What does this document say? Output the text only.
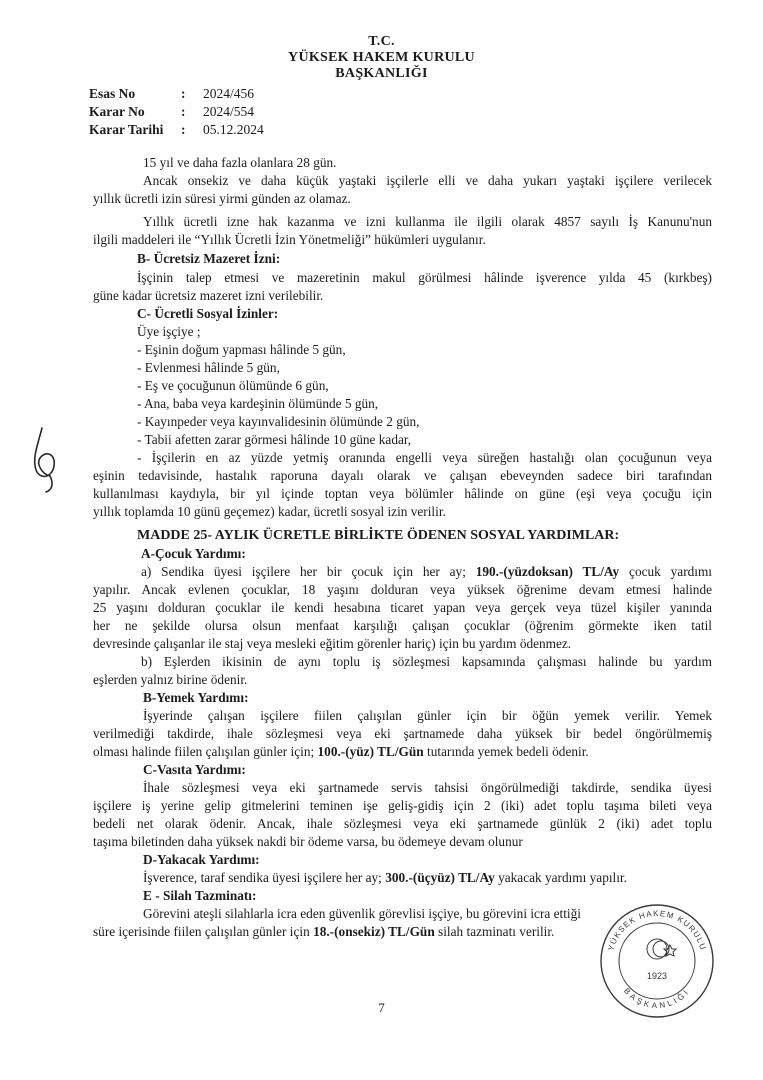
T.C.
YÜKSEK HAKEM KURULU
BAŞKANLIĞI
Esas No	: 2024/456
Karar No	: 2024/554
Karar Tarihi : 05.12.2024
15 yıl ve daha fazla olanlara 28 gün.
Ancak onsekiz ve daha küçük yaştaki işçilerle elli ve daha yukarı yaştaki işçilere verilecek
yıllık ücretli izin süresi yirmi günden az olamaz.
Yıllık ücretli izne hak kazanma ve izni kullanma ile ilgili olarak 4857 sayılı İş Kanunu'nun
ilgili maddeleri ile “Yıllık Ücretli İzin Yönetmeliği” hükümleri uygulanır.
B- Ücretsiz Mazeret İzni:
İşçinin talep etmesi ve mazeretinin makul görülmesi hâlinde işverence yılda 45 (kırkbeş)
güne kadar ücretsiz mazeret izni verilebilir.
C- Ücretli Sosyal İzinler:
Üye işçiye ;
- Eşinin doğum yapması hâlinde 5 gün,
- Evlenmesi hâlinde 5 gün,
- Eş ve çocuğunun ölümünde 6 gün,
- Ana, baba veya kardeşinin ölümünde 5 gün,
- Kayınpeder veya kayınvalidesinin ölümünde 2 gün,
- Tabii afetten zarar görmesi hâlinde 10 güne kadar,
- İşçilerin en az yüzde yetmiş oranında engelli veya süreğen hastalığı olan çocuğunun veya
eşinin tedavisinde, hastalık raporuna dayalı olarak ve çalışan ebeveynden sadece biri tarafından
kullanılması kaydıyla, bir yıl içinde toptan veya bölümler hâlinde on güne (eşi veya çocuğu için
yıllık toplamda 10 günü geçemez) kadar, ücretli sosyal izin verilir.
MADDE 25- AYLIK ÜCRETLE BİRLİKTE ÖDENEN SOSYAL YARDIMLAR:
A-Çocuk Yardımı:
a) Sendika üyesi işçilere her bir çocuk için her ay; 190.-(yüzdoksan) TL/Ay çocuk yardımı
yapılır. Ancak evlenen çocuklar, 18 yaşını dolduran veya yüksek öğrenime devam etmesi halinde
25 yaşını dolduran çocuklar ile kendi hesabına ticaret yapan veya gerçek veya tüzel kişiler yanında
her ne şekilde olursa olsun menfaat karşılığı çalışan çocuklar (öğrenim görmekte iken tatil
devresinde çalışanlar ile staj veya mesleki eğitim görenler hariç) için bu yardım ödenmez.
b) Eşlerden ikisinin de aynı toplu iş sözleşmesi kapsamında çalışması halinde bu yardım
eşlerden yalnız birine ödenir.
B-Yemek Yardımı:
İşyerinde çalışan işçilere fiilen çalışılan günler için bir öğün yemek verilir. Yemek
verilmediği takdirde, ihale sözleşmesi veya eki şartnamede daha yüksek bir bedel öngörülmemiş
olması halinde fiilen çalışılan günler için; 100.-(yüz) TL/Gün tutarında yemek bedeli ödenir.
C-Vasıta Yardımı:
İhale sözleşmesi veya eki şartnamede servis tahsisi öngörülmediği takdirde, sendika üyesi
işçilere iş yerine gelip gitmelerini teminen işe geliş-gidiş için 2 (iki) adet toplu taşıma bileti veya
bedeli net olarak ödenir. Ancak, ihale sözleşmesi veya eki şartnamede günlük 2 (iki) adet toplu
taşıma biletinden daha yüksek nakdi bir ödeme varsa, bu ödemeye devam olunur
D-Yakacak Yardımı:
İşverence, taraf sendika üyesi işçilere her ay; 300.-(üçyüz) TL/Ay yakacak yardımı yapılır.
E - Silah Tazminatı:
Görevini ateşli silahlarla icra eden güvenlik görevlisi işçiye, bu görevini icra ettiği
süre içerisinde fiilen çalışılan günler için 18.-(onsekiz) TL/Gün silah tazminatı verilir.
1923
YÜKSEK HAKEM KURULU
BAŞKANLIĞI
7
